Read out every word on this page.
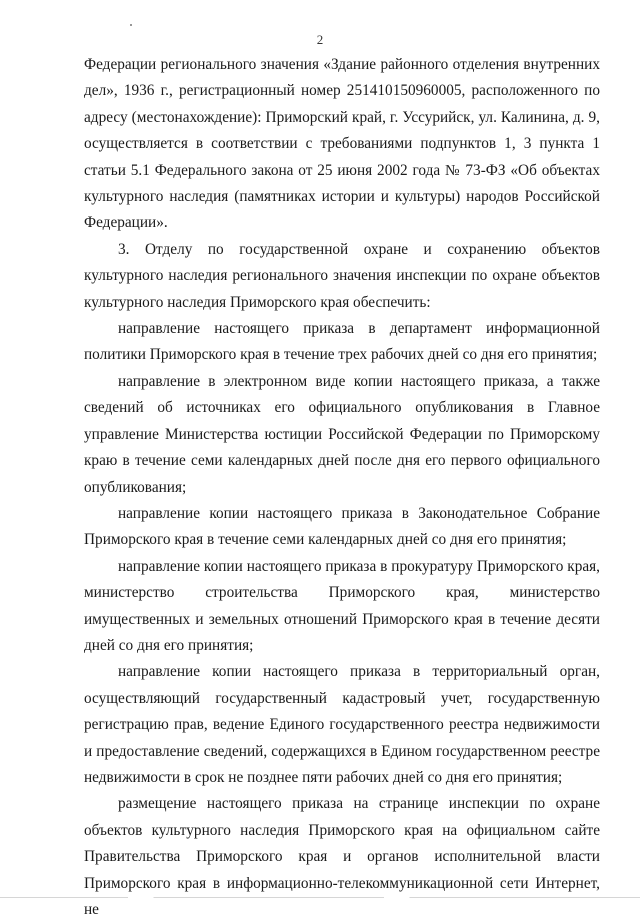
2

Федерации регионального значения «Здание районного отделения внутренних дел», 1936 г., регистрационный номер 251410150960005, расположенного по адресу (местонахождение): Приморский край, г. Уссурийск, ул. Калинина, д. 9, осуществляется в соответствии с требованиями подпунктов 1, 3 пункта 1 статьи 5.1 Федерального закона от 25 июня 2002 года № 73-ФЗ «Об объектах культурного наследия (памятниках истории и культуры) народов Российской Федерации».

3. Отделу по государственной охране и сохранению объектов культурного наследия регионального значения инспекции по охране объектов культурного наследия Приморского края обеспечить:

направление настоящего приказа в департамент информационной политики Приморского края в течение трех рабочих дней со дня его принятия;

направление в электронном виде копии настоящего приказа, а также сведений об источниках его официального опубликования в Главное управление Министерства юстиции Российской Федерации по Приморскому краю в течение семи календарных дней после дня его первого официального опубликования;

направление копии настоящего приказа в Законодательное Собрание Приморского края в течение семи календарных дней со дня его принятия;

направление копии настоящего приказа в прокуратуру Приморского края, министерство строительства Приморского края, министерство имущественных и земельных отношений Приморского края в течение десяти дней со дня его принятия;

направление копии настоящего приказа в территориальный орган, осуществляющий государственный кадастровый учет, государственную регистрацию прав, ведение Единого государственного реестра недвижимости и предоставление сведений, содержащихся в Едином государственном реестре недвижимости в срок не позднее пяти рабочих дней со дня его принятия;

размещение настоящего приказа на странице инспекции по охране объектов культурного наследия Приморского края на официальном сайте Правительства Приморского края и органов исполнительной власти Приморского края в информационно-телекоммуникационной сети Интернет, не
